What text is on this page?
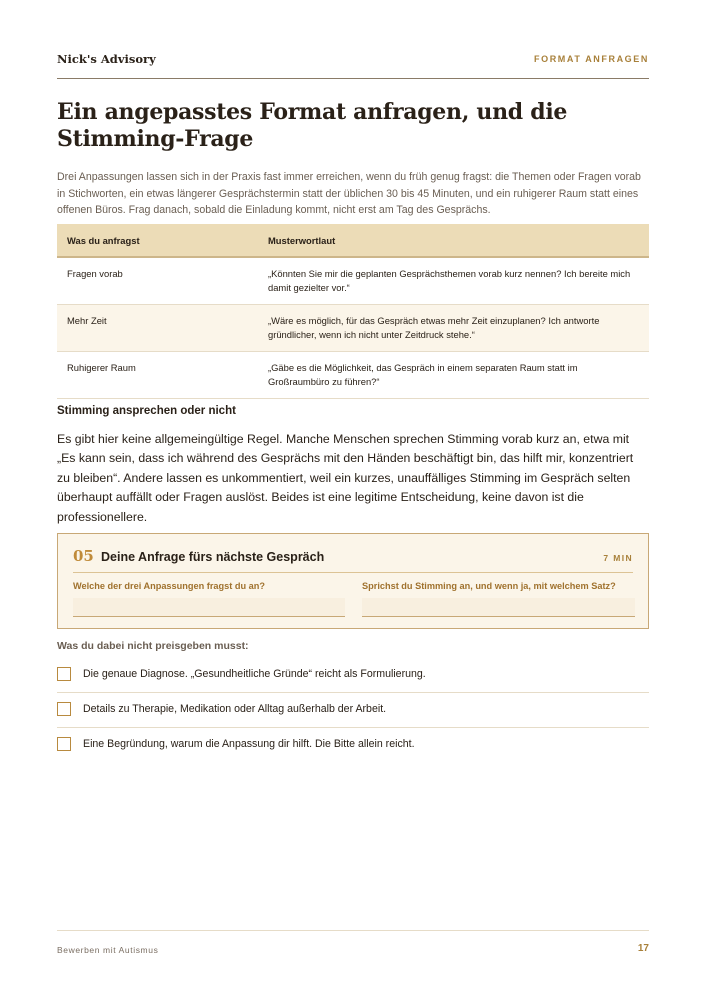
Nick's Advisory	FORMAT ANFRAGEN
Ein angepasstes Format anfragen, und die Stimming-Frage

Drei Anpassungen lassen sich in der Praxis fast immer erreichen, wenn du früh genug fragst: die Themen oder Fragen vorab in Stichworten, ein etwas längerer Gesprächstermin statt der üblichen 30 bis 45 Minuten, und ein ruhigerer Raum statt eines offenen Büros. Frag danach, sobald die Einladung kommt, nicht erst am Tag des Gesprächs.

Was du anfragst	Musterwortlaut
Fragen vorab	„Könnten Sie mir die geplanten Gesprächsthemen vorab kurz nennen? Ich bereite mich damit gezielter vor.“
Mehr Zeit	„Wäre es möglich, für das Gespräch etwas mehr Zeit einzuplanen? Ich antworte gründlicher, wenn ich nicht unter Zeitdruck stehe.“
Ruhigerer Raum	„Gäbe es die Möglichkeit, das Gespräch in einem separaten Raum statt im Großraumbüro zu führen?“
Stimming ansprechen oder nicht

Es gibt hier keine allgemeingültige Regel. Manche Menschen sprechen Stimming vorab kurz an, etwa mit „Es kann sein, dass ich während des Gesprächs mit den Händen beschäftigt bin, das hilft mir, konzentriert zu bleiben“. Andere lassen es unkommentiert, weil ein kurzes, unauffälliges Stimming im Gespräch selten überhaupt auffällt oder Fragen auslöst. Beides ist eine legitime Entscheidung, keine davon ist die professionellere.

05 Deine Anfrage fürs nächste Gespräch	7 MIN
Welche der drei Anpassungen fragst du an?	Sprichst du Stimming an, und wenn ja, mit welchem Satz?
Was du dabei nicht preisgeben musst:
Die genaue Diagnose. „Gesundheitliche Gründe“ reicht als Formulierung.
Details zu Therapie, Medikation oder Alltag außerhalb der Arbeit.
Eine Begründung, warum die Anpassung dir hilft. Die Bitte allein reicht.
Bewerben mit Autismus	17
